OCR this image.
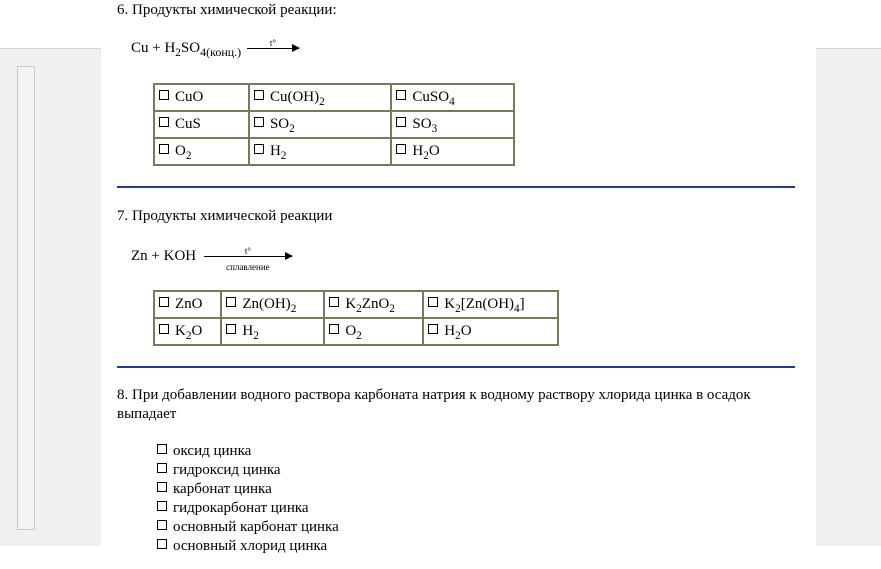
6. Продукты химической реакции:
$Cu + H_2SO_{4(конц.)}$
t°
CuO	$Cu(OH)_2$	CuSO$_4$
CuS	$SO_2$	$SO_3$
$O_2$	$H_2$	$H_2O$
7. Продукты химической реакции
Zn + KOH	t°
сплавление
ZnO	$Zn(OH)_2$	$K_2ZnO_2$	$K_2[Zn(OH)_4]$
$K_2O$	$H_2$	$O_2$	$H_2O$
8. При добавлении водного раствора карбоната натрия к водному раствору хлорида цинка в осадок выпадает
оксид цинка
гидроксид цинка
карбонат цинка
гидрокарбонат цинка
основный карбонат цинка
основный хлорид цинка
